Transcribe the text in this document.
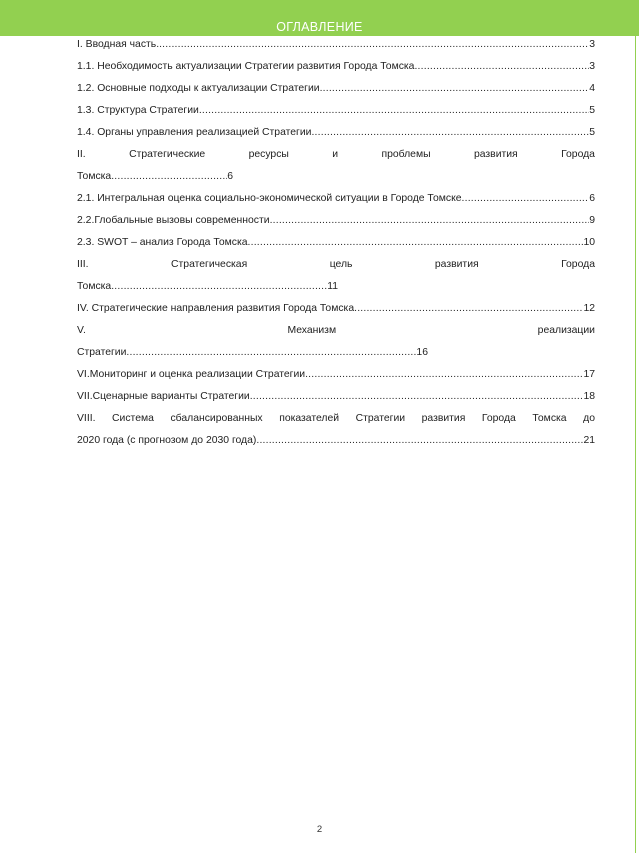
ОГЛАВЛЕНИЕ
I. Вводная часть. .....	3
1.1. Необходимость актуализации Стратегии развития Города Томска .....	3
1.2. Основные подходы к актуализации Стратегии .....	4
1.3. Структура Стратегии .....	5
1.4. Органы управления реализацией Стратегии .....	5
II.	Стратегические	ресурсы	и	проблемы	развития	Города
Томска .....	6
2.1. Интегральная оценка социально-экономической ситуации в Городе Томске .....	6
2.2.Глобальные вызовы современности .....	9
2.3. SWOT – анализ Города Томска .....	10
III.	Стратегическая	цель	развития	Города
Томска .....	11
IV. Стратегические направления развития Города Томска .....	12
V.	Механизм	реализации
Стратегии .....	16
VI.Мониторинг и оценка реализации Стратегии .....	17
VII.Сценарные варианты Стратегии .....	18
VIII. Система сбалансированных показателей Стратегии развития Города Томска до
2020 года (с прогнозом до 2030 года) .....	21
2
